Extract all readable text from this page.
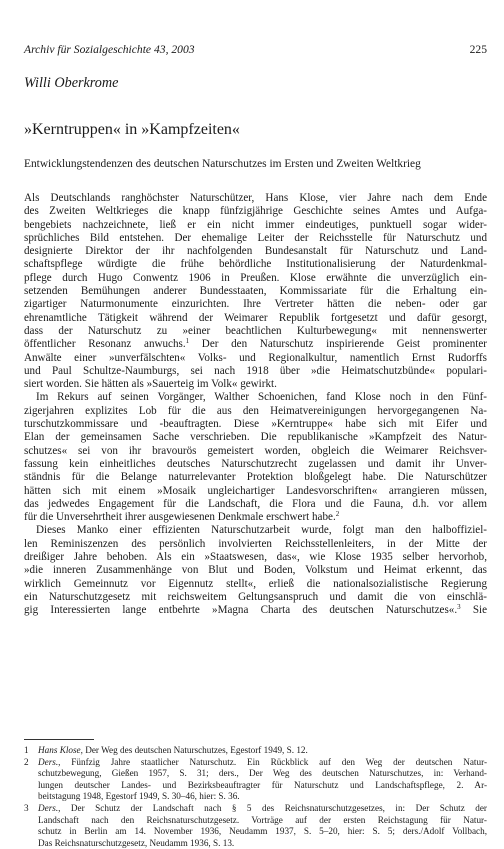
Archiv für Sozialgeschichte 43, 2003	225
Willi Oberkrome
»Kerntruppen« in »Kampfzeiten«
Entwicklungstendenzen des deutschen Naturschutzes im Ersten und Zweiten Weltkrieg
Als Deutschlands ranghöchster Naturschützer, Hans Klose, vier Jahre nach dem Ende
des Zweiten Weltkrieges die knapp fünfzigjährige Geschichte seines Amtes und Aufga-
bengebiets nachzeichnete, ließ er ein nicht immer eindeutiges, punktuell sogar wider-
sprüchliches Bild entstehen. Der ehemalige Leiter der Reichsstelle für Naturschutz und
designierte Direktor der ihr nachfolgenden Bundesanstalt für Naturschutz und Land-
schaftspflege würdigte die frühe behördliche Institutionalisierung der Naturdenkmal-
pflege durch Hugo Conwentz 1906 in Preußen. Klose erwähnte die unverzüglich ein-
setzenden Bemühungen anderer Bundesstaaten, Kommissariate für die Erhaltung ein-
zigartiger Naturmonumente einzurichten. Ihre Vertreter hätten die neben- oder gar
ehrenamtliche Tätigkeit während der Weimarer Republik fortgesetzt und dafür gesorgt,
dass der Naturschutz zu »einer beachtlichen Kulturbewegung« mit nennenswerter
öffentlicher Resonanz anwuchs.$^1$ Der den Naturschutz inspirierende Geist prominenter
Anwälte einer »unverfälschten« Volks- und Regionalkultur, namentlich Ernst Rudorffs
und Paul Schultze-Naumburgs, sei nach 1918 über »die Heimatschutzbünde« populari-
siert worden. Sie hätten als »Sauerteig im Volk« gewirkt.
Im Rekurs auf seinen Vorgänger, Walther Schoenichen, fand Klose noch in den Fünf-
zigerjahren explizites Lob für die aus den Heimatvereinigungen hervorgegangenen Na-
turschutzkommissare und -beauftragten. Diese »Kerntruppe« habe sich mit Eifer und
Elan der gemeinsamen Sache verschrieben. Die republikanische »Kampfzeit des Natur-
schutzes« sei von ihr bravourös gemeistert worden, obgleich die Weimarer Reichsver-
fassung kein einheitliches deutsches Naturschutzrecht zugelassen und damit ihr Unver-
ständnis für die Belange naturrelevanter Protektion bloßgelegt habe. Die Naturschützer
hätten sich mit einem »Mosaik ungleichartiger Landesvorschriften« arrangieren müssen,
das jedwedes Engagement für die Landschaft, die Flora und die Fauna, d.h. vor allem
für die Unversehrtheit ihrer ausgewiesenen Denkmale erschwert habe.$^2$
Dieses Manko einer effizienten Naturschutzarbeit wurde, folgt man den halboffiziel-
len Reminiszenzen des persönlich involvierten Reichsstellenleiters, in der Mitte der
dreißiger Jahre behoben. Als ein »Staatswesen, das«, wie Klose 1935 selber hervorhob,
»die inneren Zusammenhänge von Blut und Boden, Volkstum und Heimat erkennt, das
wirklich Gemeinnutz vor Eigennutz stellt«, erließ die nationalsozialistische Regierung
ein Naturschutzgesetz mit reichsweitem Geltungsanspruch und damit die von einschlä-
gig Interessierten lange entbehrte »Magna Charta des deutschen Naturschutzes«.$^3$ Sie
1 Hans Klose, Der Weg des deutschen Naturschutzes, Egestorf 1949, S. 12.
2 Ders., Fünfzig Jahre staatlicher Naturschutz. Ein Rückblick auf den Weg der deutschen Natur-
schutzbewegung, Gießen 1957, S. 31; ders., Der Weg des deutschen Naturschutzes, in: Verhand-
lungen deutscher Landes- und Bezirksbeauftragter für Naturschutz und Landschaftspflege, 2. Ar-
beitstagung 1948, Egestorf 1949, S. 30–46, hier: S. 36.
3 Ders., Der Schutz der Landschaft nach § 5 des Reichsnaturschutzgesetzes, in: Der Schutz der
Landschaft nach den Reichsnaturschutzgesetz. Vorträge auf der ersten Reichstagung für Natur-
schutz in Berlin am 14. November 1936, Neudamm 1937, S. 5–20, hier: S. 5; ders./Adolf Vollbach,
Das Reichsnaturschutzgesetz, Neudamm 1936, S. 13.
